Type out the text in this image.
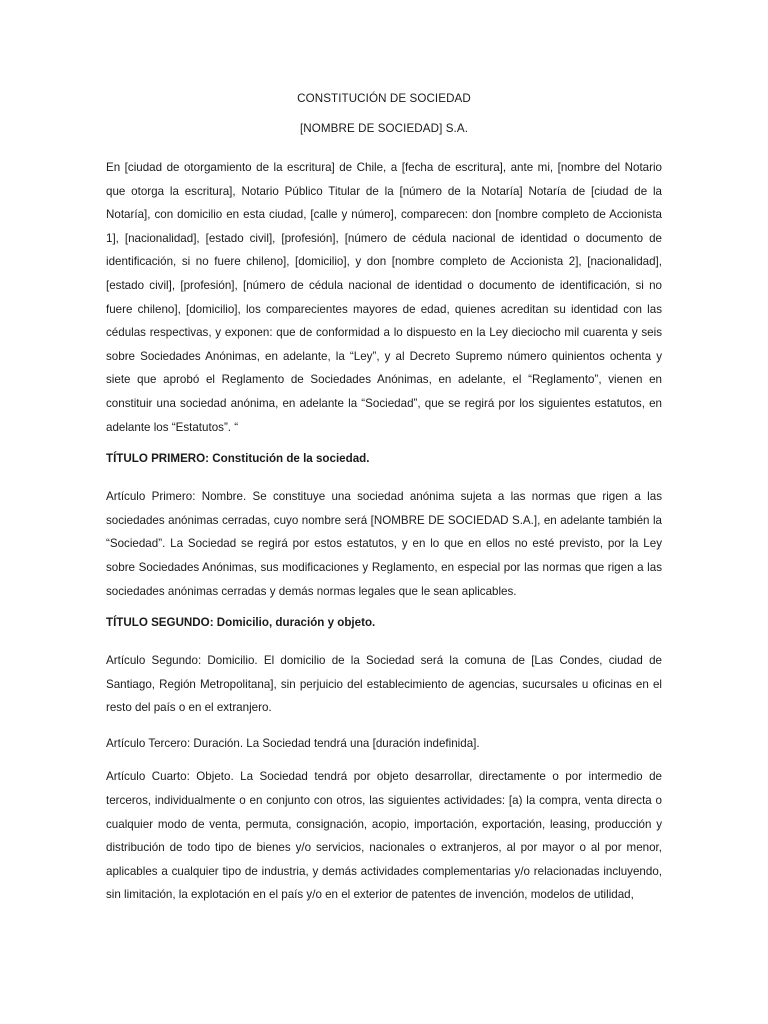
CONSTITUCIÓN DE SOCIEDAD
[NOMBRE DE SOCIEDAD] S.A.

En [ciudad de otorgamiento de la escritura] de Chile, a [fecha de escritura], ante mi, [nombre del Notario que otorga la escritura], Notario Público Titular de la [número de la Notaría] Notaría de [ciudad de la Notaría], con domicilio en esta ciudad, [calle y número], comparecen: don [nombre completo de Accionista 1], [nacionalidad], [estado civil], [profesión], [número de cédula nacional de identidad o documento de identificación, si no fuere chileno], [domicilio], y don [nombre completo de Accionista 2], [nacionalidad], [estado civil], [profesión], [número de cédula nacional de identidad o documento de identificación, si no fuere chileno], [domicilio], los comparecientes mayores de edad, quienes acreditan su identidad con las cédulas respectivas, y exponen: que de conformidad a lo dispuesto en la Ley dieciocho mil cuarenta y seis sobre Sociedades Anónimas, en adelante, la “Ley”, y al Decreto Supremo número quinientos ochenta y siete que aprobó el Reglamento de Sociedades Anónimas, en adelante, el “Reglamento”, vienen en constituir una sociedad anónima, en adelante la “Sociedad”, que se regirá por los siguientes estatutos, en adelante los “Estatutos”. “

TÍTULO PRIMERO: Constitución de la sociedad.

Artículo Primero: Nombre. Se constituye una sociedad anónima sujeta a las normas que rigen a las sociedades anónimas cerradas, cuyo nombre será [NOMBRE DE SOCIEDAD S.A.], en adelante también la “Sociedad”. La Sociedad se regirá por estos estatutos, y en lo que en ellos no esté previsto, por la Ley sobre Sociedades Anónimas, sus modificaciones y Reglamento, en especial por las normas que rigen a las sociedades anónimas cerradas y demás normas legales que le sean aplicables.

TÍTULO SEGUNDO: Domicilio, duración y objeto.

Artículo Segundo: Domicilio. El domicilio de la Sociedad será la comuna de [Las Condes, ciudad de Santiago, Región Metropolitana], sin perjuicio del establecimiento de agencias, sucursales u oficinas en el resto del país o en el extranjero.

Artículo Tercero: Duración. La Sociedad tendrá una [duración indefinida].

Artículo Cuarto: Objeto. La Sociedad tendrá por objeto desarrollar, directamente o por intermedio de terceros, individualmente o en conjunto con otros, las siguientes actividades: [a) la compra, venta directa o cualquier modo de venta, permuta, consignación, acopio, importación, exportación, leasing, producción y distribución de todo tipo de bienes y/o servicios, nacionales o extranjeros, al por mayor o al por menor, aplicables a cualquier tipo de industria, y demás actividades complementarias y/o relacionadas incluyendo, sin limitación, la explotación en el país y/o en el exterior de patentes de invención, modelos de utilidad,
